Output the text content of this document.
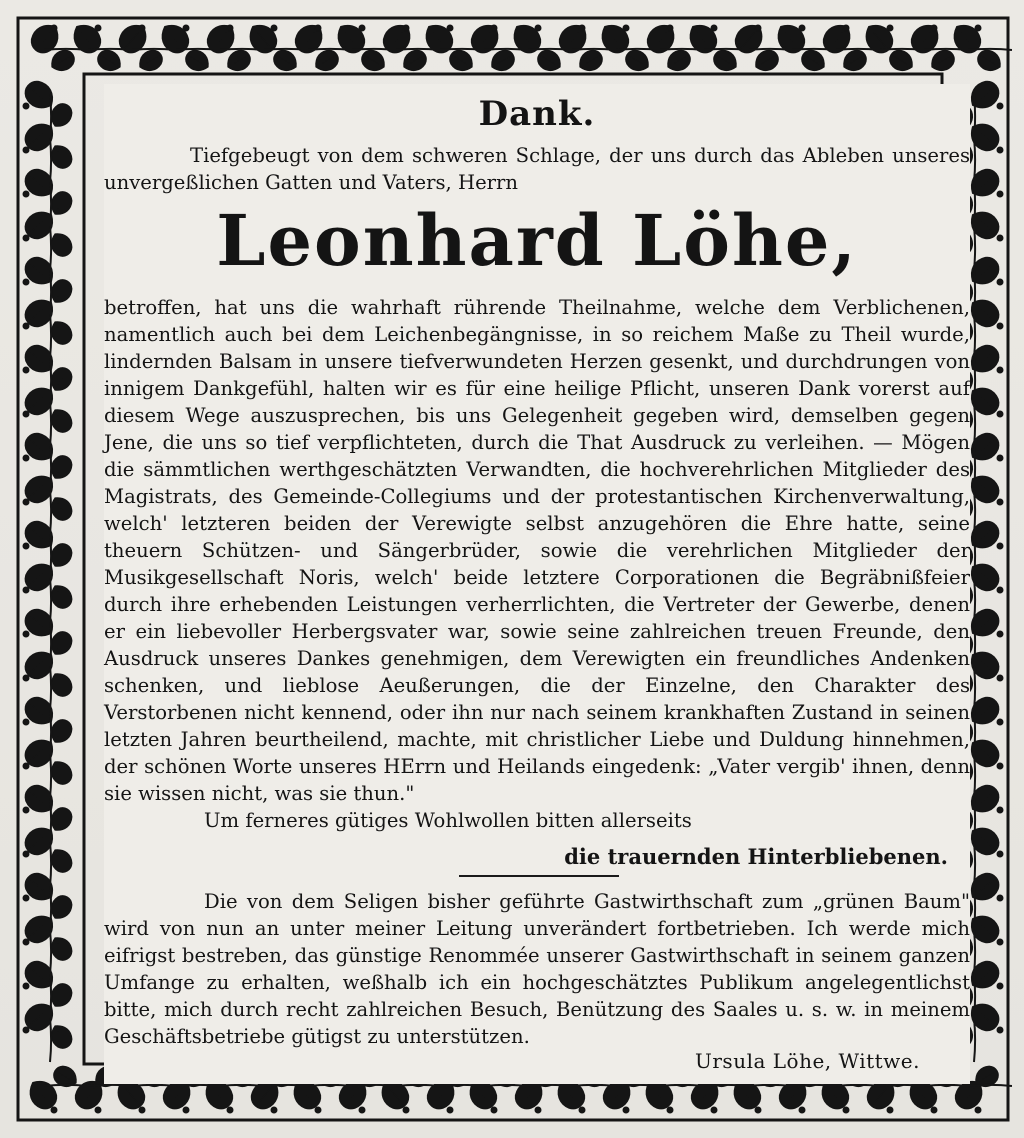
Dank.

Tiefgebeugt von dem schweren Schlage, der uns durch das Ableben unseres unvergeßlichen Gatten und Vaters, Herrn

Leonhard Löhe,

betroffen, hat uns die wahrhaft rührende Theilnahme, welche dem Verblichenen, namentlich auch bei dem Leichenbegängnisse, in so reichem Maße zu Theil wurde, lindernden Balsam in unsere tiefverwundeten Herzen gesenkt, und durchdrungen von innigem Dankgefühl, halten wir es für eine heilige Pflicht, unseren Dank vorerst auf diesem Wege auszusprechen, bis uns Gelegenheit gegeben wird, demselben gegen Jene, die uns so tief verpflichteten, durch die That Ausdruck zu verleihen. — Mögen die sämmtlichen werthgeschätzten Verwandten, die hochverehrlichen Mitglieder des Magistrats, des Gemeinde-Collegiums und der protestantischen Kirchenverwaltung, welch' letzteren beiden der Verewigte selbst anzugehören die Ehre hatte, seine theuern Schützen- und Sängerbrüder, sowie die verehrlichen Mitglieder der Musikgesellschaft Noris, welch' beide letztere Corporationen die Begräbnißfeier durch ihre erhebenden Leistungen verherrlichten, die Vertreter der Gewerbe, denen er ein liebevoller Herbergsvater war, sowie seine zahlreichen treuen Freunde, den Ausdruck unseres Dankes genehmigen, dem Verewigten ein freundliches Andenken schenken, und lieblose Aeußerungen, die der Einzelne, den Charakter des Verstorbenen nicht kennend, oder ihn nur nach seinem krankhaften Zustand in seinen letzten Jahren beurtheilend, machte, mit christlicher Liebe und Duldung hinnehmen, der schönen Worte unseres HErrn und Heilands eingedenk: „Vater vergib' ihnen, denn sie wissen nicht, was sie thun."

Um ferneres gütiges Wohlwollen bitten allerseits

die trauernden Hinterbliebenen.

Die von dem Seligen bisher geführte Gastwirthschaft zum „grünen Baum" wird von nun an unter meiner Leitung unverändert fortbetrieben. Ich werde mich eifrigst bestreben, das günstige Renommée unserer Gastwirthschaft in seinem ganzen Umfange zu erhalten, weßhalb ich ein hochgeschätztes Publikum angelegentlichst bitte, mich durch recht zahlreichen Besuch, Benützung des Saales u. s. w. in meinem Geschäftsbetriebe gütigst zu unterstützen.

Ursula Löhe, Wittwe.
